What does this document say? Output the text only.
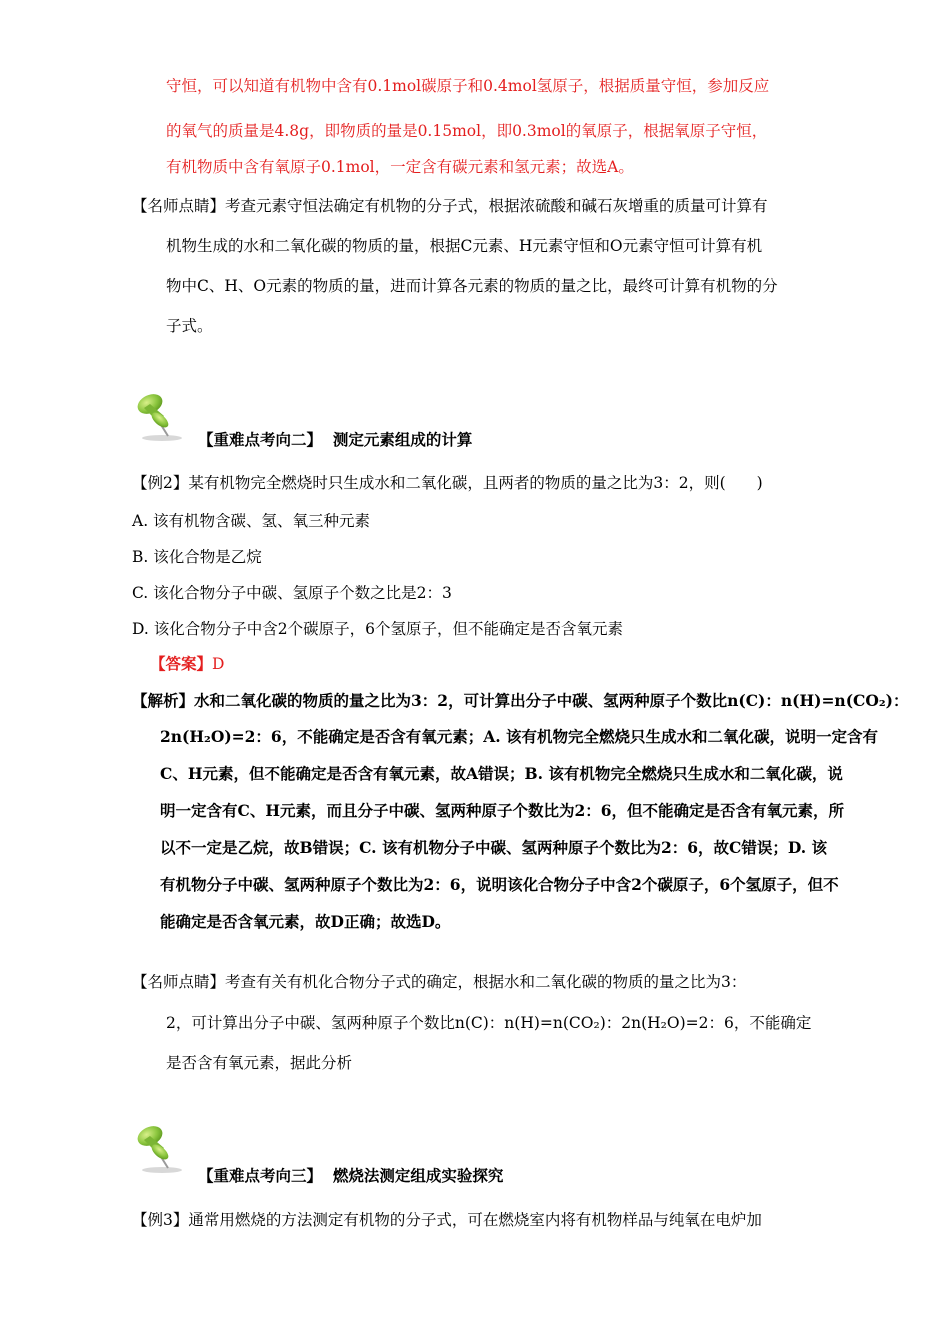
守恒，可以知道有机物中含有0.1mol碳原子和0.4mol氢原子，根据质量守恒，参加反应
的氧气的质量是4.8g，即物质的量是0.15mol，即0.3mol的氧原子，根据氧原子守恒，
有机物质中含有氧原子0.1mol，一定含有碳元素和氢元素；故选A。
【名师点睛】考查元素守恒法确定有机物的分子式，根据浓硫酸和碱石灰增重的质量可计算有
机物生成的水和二氧化碳的物质的量，根据C元素、H元素守恒和O元素守恒可计算有机
物中C、H、O元素的物质的量，进而计算各元素的物质的量之比，最终可计算有机物的分
子式。
【重难点考向二】 测定元素组成的计算
【例2】某有机物完全燃烧时只生成水和二氧化碳，且两者的物质的量之比为3：2，则(　　)
A. 该有机物含碳、氢、氧三种元素
B. 该化合物是乙烷
C. 该化合物分子中碳、氢原子个数之比是2：3
D. 该化合物分子中含2个碳原子，6个氢原子，但不能确定是否含氧元素
【答案】D
【解析】水和二氧化碳的物质的量之比为3：2，可计算出分子中碳、氢两种原子个数比n(C)：n(H)=n(CO₂)：
2n(H₂O)=2：6，不能确定是否含有氧元素；A. 该有机物完全燃烧只生成水和二氧化碳，说明一定含有
C、H元素，但不能确定是否含有氧元素，故A错误；B. 该有机物完全燃烧只生成水和二氧化碳，说
明一定含有C、H元素，而且分子中碳、氢两种原子个数比为2：6，但不能确定是否含有氧元素，所
以不一定是乙烷，故B错误；C. 该有机物分子中碳、氢两种原子个数比为2：6，故C错误；D. 该
有机物分子中碳、氢两种原子个数比为2：6，说明该化合物分子中含2个碳原子，6个氢原子，但不
能确定是否含氧元素，故D正确；故选D。
【名师点睛】考查有关有机化合物分子式的确定，根据水和二氧化碳的物质的量之比为3：
2，可计算出分子中碳、氢两种原子个数比n(C)：n(H)=n(CO₂)：2n(H₂O)=2：6，不能确定
是否含有氧元素，据此分析
【重难点考向三】 燃烧法测定组成实验探究
【例3】通常用燃烧的方法测定有机物的分子式，可在燃烧室内将有机物样品与纯氧在电炉加
